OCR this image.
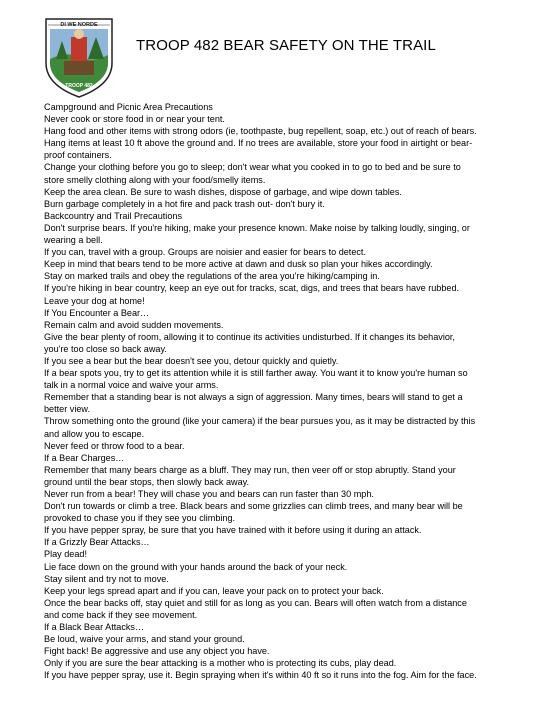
DI WE NORDE
TROOP 482
TROOP 482 BEAR SAFETY ON THE TRAIL

Campground and Picnic Area Precautions

Never cook or store food in or near your tent.

Hang food and other items with strong odors (ie, toothpaste, bug repellent, soap, etc.) out of reach of bears. Hang items at least 10 ft above the ground and. If no trees are available, store your food in airtight or bear-proof containers.

Change your clothing before you go to sleep; don't wear what you cooked in to go to bed and be sure to store smelly clothing along with your food/smelly items.

Keep the area clean. Be sure to wash dishes, dispose of garbage, and wipe down tables.

Burn garbage completely in a hot fire and pack trash out- don't bury it.

Backcountry and Trail Precautions

Don't surprise bears. If you're hiking, make your presence known. Make noise by talking loudly, singing, or wearing a bell.

If you can, travel with a group. Groups are noisier and easier for bears to detect.

Keep in mind that bears tend to be more active at dawn and dusk so plan your hikes accordingly.

Stay on marked trails and obey the regulations of the area you're hiking/camping in.

If you're hiking in bear country, keep an eye out for tracks, scat, digs, and trees that bears have rubbed. Leave your dog at home!

If You Encounter a Bear…

Remain calm and avoid sudden movements.

Give the bear plenty of room, allowing it to continue its activities undisturbed. If it changes its behavior, you're too close so back away.

If you see a bear but the bear doesn't see you, detour quickly and quietly.

If a bear spots you, try to get its attention while it is still farther away. You want it to know you're human so talk in a normal voice and waive your arms.

Remember that a standing bear is not always a sign of aggression. Many times, bears will stand to get a better view.

Throw something onto the ground (like your camera) if the bear pursues you, as it may be distracted by this and allow you to escape.

Never feed or throw food to a bear.

If a Bear Charges…

Remember that many bears charge as a bluff. They may run, then veer off or stop abruptly. Stand your ground until the bear stops, then slowly back away.

Never run from a bear! They will chase you and bears can run faster than 30 mph.

Don't run towards or climb a tree. Black bears and some grizzlies can climb trees, and many bear will be provoked to chase you if they see you climbing.

If you have pepper spray, be sure that you have trained with it before using it during an attack.

If a Grizzly Bear Attacks…

Play dead!

Lie face down on the ground with your hands around the back of your neck.

Stay silent and try not to move.

Keep your legs spread apart and if you can, leave your pack on to protect your back.

Once the bear backs off, stay quiet and still for as long as you can. Bears will often watch from a distance and come back if they see movement.

If a Black Bear Attacks…

Be loud, waive your arms, and stand your ground.

Fight back! Be aggressive and use any object you have.

Only if you are sure the bear attacking is a mother who is protecting its cubs, play dead.

If you have pepper spray, use it. Begin spraying when it's within 40 ft so it runs into the fog. Aim for the face.
